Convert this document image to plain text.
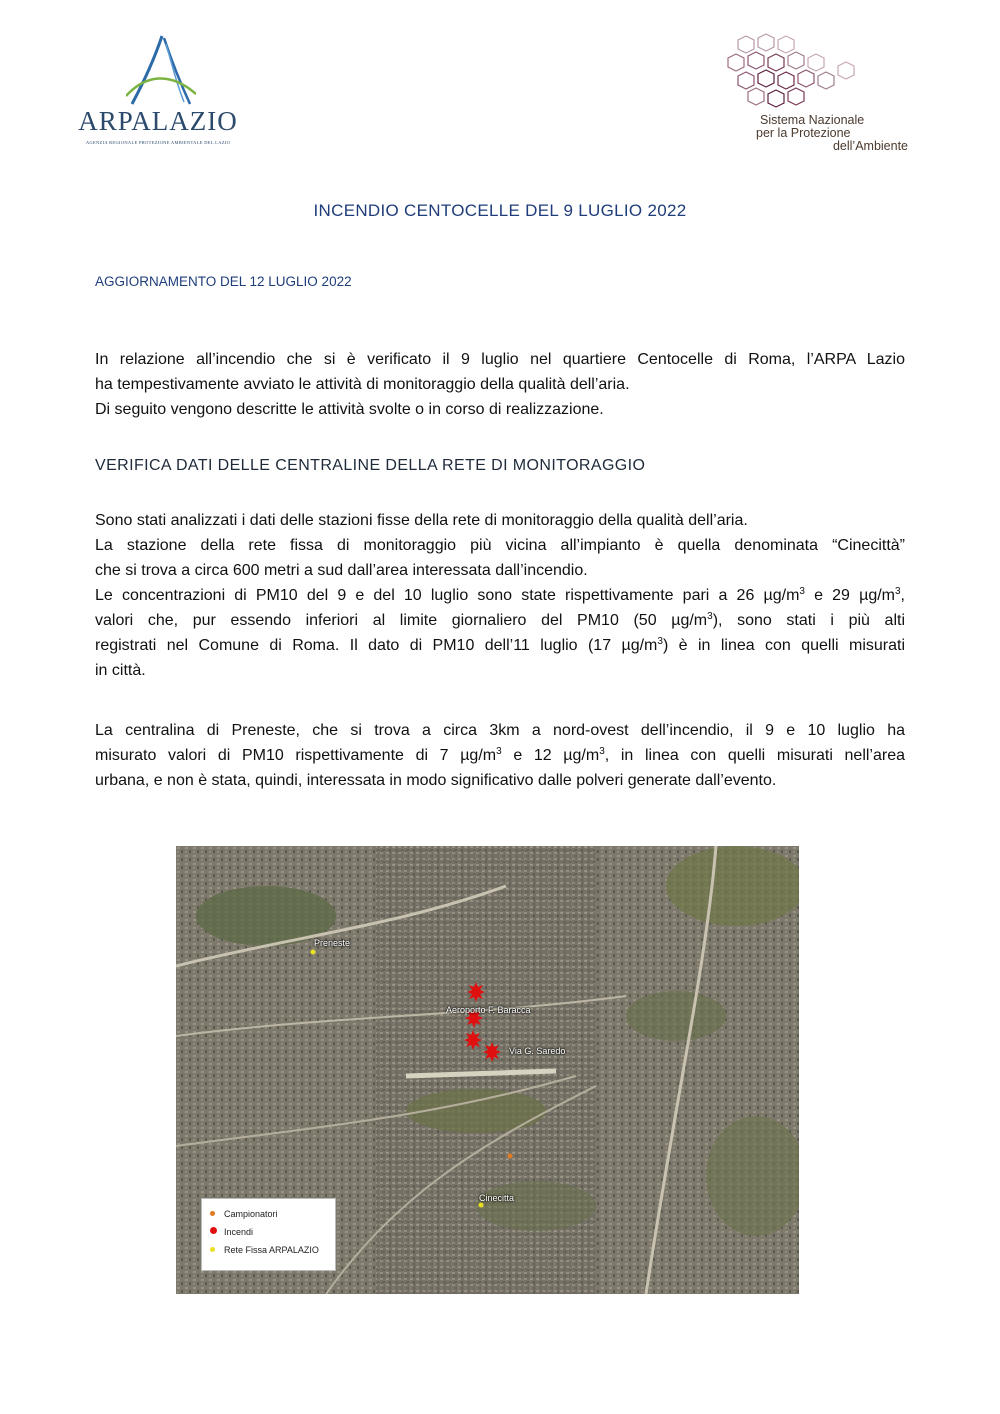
ARPALAZIO
AGENZIA REGIONALE PROTEZIONE AMBIENTALE DEL LAZIO
Sistema Nazionale
per la Protezione
dell’Ambiente
INCENDIO CENTOCELLE DEL 9 LUGLIO 2022
AGGIORNAMENTO DEL 12 LUGLIO 2022
In relazione all’incendio che si è verificato il 9 luglio nel quartiere Centocelle di Roma, l’ARPA Lazio
ha tempestivamente avviato le attività di monitoraggio della qualità dell’aria.
Di seguito vengono descritte le attività svolte o in corso di realizzazione.
VERIFICA DATI DELLE CENTRALINE DELLA RETE DI MONITORAGGIO
Sono stati analizzati i dati delle stazioni fisse della rete di monitoraggio della qualità dell’aria.
La stazione della rete fissa di monitoraggio più vicina all’impianto è quella denominata “Cinecittà”
che si trova a circa 600 metri a sud dall’area interessata dall’incendio.
Le concentrazioni di PM10 del 9 e del 10 luglio sono state rispettivamente pari a 26 $\mu g/m^3$ e 29 $\mu g/m^3$,
valori che, pur essendo inferiori al limite giornaliero del PM10 (50 $\mu g/m^3$), sono stati i più alti
registrati nel Comune di Roma. Il dato di PM10 dell’11 luglio (17 $\mu g/m^3$) è in linea con quelli misurati
in città.
La centralina di Preneste, che si trova a circa 3km a nord-ovest dell’incendio, il 9 e 10 luglio ha
misurato valori di PM10 rispettivamente di 7 $\mu g/m^3$ e 12 $\mu g/m^3$, in linea con quelli misurati nell’area
urbana, e non è stata, quindi, interessata in modo significativo dalle polveri generate dall’evento.
Preneste
Aeroporto F. Baracca
Via G. Saredo
Cinecitta
Campionatori
Incendi
Rete Fissa ARPALAZIO
